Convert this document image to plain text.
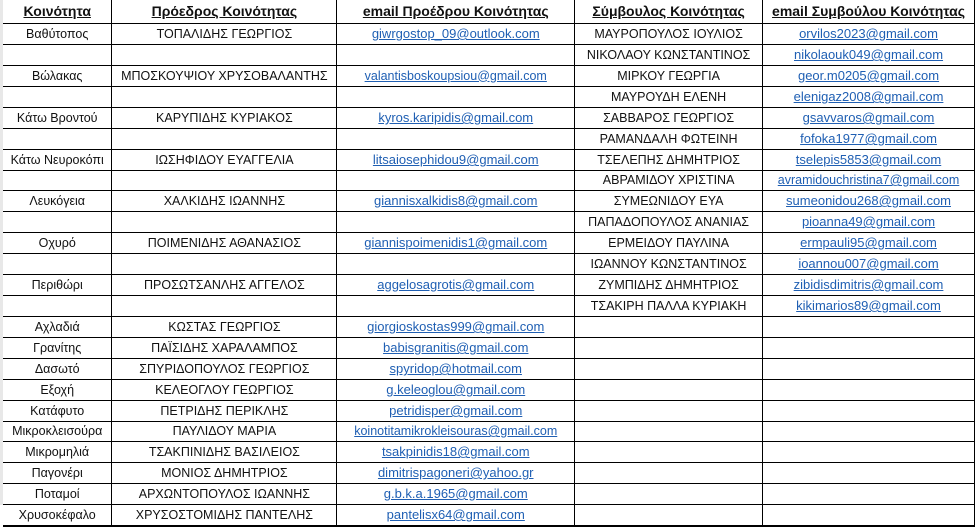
Κοινότητα	Πρόεδρος Κοινότητας	email Προέδρου Κοινότητας	Σύμβουλος Κοινότητας	email Συμβούλου Κοινότητας
Βαθύτοπος	ΤΟΠΑΛΙΔΗΣ ΓΕΩΡΓΙΟΣ	giwrgostop_09@outlook.com	ΜΑΥΡΟΠΟΥΛΟΣ ΙΟΥΛΙΟΣ	orvilos2023@gmail.com
			ΝΙΚΟΛΑΟΥ ΚΩΝΣΤΑΝΤΙΝΟΣ	nikolaouk049@gmail.com
Βώλακας	ΜΠΟΣΚΟΥΨΙΟΥ ΧΡΥΣΟΒΑΛΑΝΤΗΣ	valantisboskoupsiou@gmail.com	ΜΙΡΚΟΥ ΓΕΩΡΓΙΑ	geor.m0205@gmail.com
			ΜΑΥΡΟΥΔΗ ΕΛΕΝΗ	elenigaz2008@gmail.com
Κάτω Βροντού	ΚΑΡΥΠΙΔΗΣ ΚΥΡΙΑΚΟΣ	kyros.karipidis@gmail.com	ΣΑΒΒΑΡΟΣ ΓΕΩΡΓΙΟΣ	gsavvaros@gmail.com
			ΡΑΜΑΝΔΑΛΗ ΦΩΤΕΙΝΗ	fofoka1977@gmail.com
Κάτω Νευροκόπι	ΙΩΣΗΦΙΔΟΥ ΕΥΑΓΓΕΛΙΑ	litsaiosephidou9@gmail.com	ΤΣΕΛΕΠΗΣ ΔΗΜΗΤΡΙΟΣ	tselepis5853@gmail.com
			ΑΒΡΑΜΙΔΟΥ ΧΡΙΣΤΙΝΑ	avramidouchristina7@gmail.com
Λευκόγεια	ΧΑΛΚΙΔΗΣ ΙΩΑΝΝΗΣ	giannisxalkidis8@gmail.com	ΣΥΜΕΩΝΙΔΟΥ ΕΥΑ	sumeonidou268@gmail.com
			ΠΑΠΑΔΟΠΟΥΛΟΣ ΑΝΑΝΙΑΣ	pioanna49@gmail.com
Οχυρό	ΠΟΙΜΕΝΙΔΗΣ ΑΘΑΝΑΣΙΟΣ	giannispoimenidis1@gmail.com	ΕΡΜΕΙΔΟΥ ΠΑΥΛΙΝΑ	ermpauli95@gmail.com
			ΙΩΑΝΝΟΥ ΚΩΝΣΤΑΝΤΙΝΟΣ	ioannou007@gmail.com
Περιθώρι	ΠΡΟΣΩΤΣΑΝΛΗΣ ΑΓΓΕΛΟΣ	aggelosagrotis@gmail.com	ΖΥΜΠΙΔΗΣ ΔΗΜΗΤΡΙΟΣ	zibidisdimitris@gmail.com
			ΤΣΑΚΙΡΗ ΠΑΛΛΑ ΚΥΡΙΑΚΗ	kikimarios89@gmail.com
Αχλαδιά	ΚΩΣΤΑΣ ΓΕΩΡΓΙΟΣ	giorgioskostas999@gmail.com		
Γρανίτης	ΠΑΪΣΙΔΗΣ ΧΑΡΑΛΑΜΠΟΣ	babisgranitis@gmail.com		
Δασωτό	ΣΠΥΡΙΔΟΠΟΥΛΟΣ ΓΕΩΡΓΙΟΣ	spyridop@hotmail.com		
Εξοχή	ΚΕΛΕΟΓΛΟΥ ΓΕΩΡΓΙΟΣ	g.keleoglou@gmail.com		
Κατάφυτο	ΠΕΤΡΙΔΗΣ ΠΕΡΙΚΛΗΣ	petridisper@gmail.com		
Μικροκλεισούρα	ΠΑΥΛΙΔΟΥ ΜΑΡΙΑ	koinotitamikrokleisouras@gmail.com		
Μικρομηλιά	ΤΣΑΚΠΙΝΙΔΗΣ ΒΑΣΙΛΕΙΟΣ	tsakpinidis18@gmail.com		
Παγονέρι	ΜΟΝΙΟΣ ΔΗΜΗΤΡΙΟΣ	dimitrispagoneri@yahoo.gr		
Ποταμοί	ΑΡΧΩΝΤΟΠΟΥΛΟΣ ΙΩΑΝΝΗΣ	g.b.k.a.1965@gmail.com		
Χρυσοκέφαλο	ΧΡΥΣΟΣΤΟΜΙΔΗΣ ΠΑΝΤΕΛΗΣ	pantelisx64@gmail.com		
